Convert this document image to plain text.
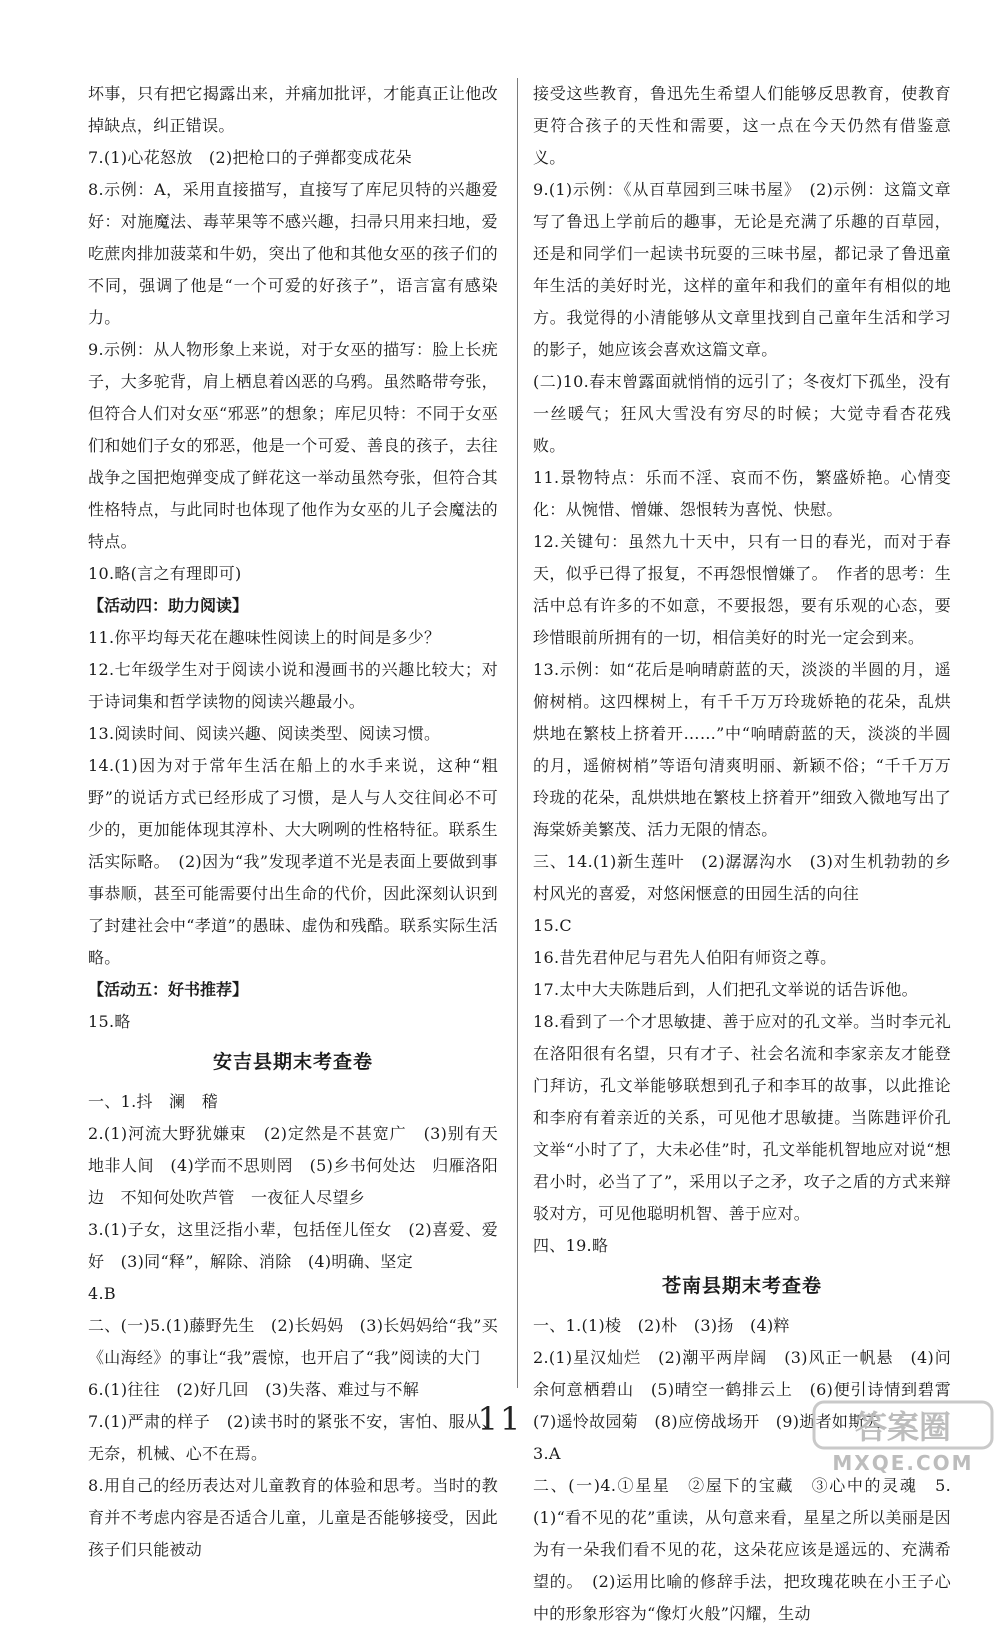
坏事，只有把它揭露出来，并痛加批评，才能真正让他改掉缺点，纠正错误。

7.(1)心花怒放　(2)把枪口的子弹都变成花朵

8.示例：A，采用直接描写，直接写了库尼贝特的兴趣爱好：对施魔法、毒苹果等不感兴趣，扫帚只用来扫地，爱吃蔗肉排加菠菜和牛奶，突出了他和其他女巫的孩子们的不同，强调了他是“一个可爱的好孩子”，语言富有感染力。

9.示例：从人物形象上来说，对于女巫的描写：脸上长疣子，大多驼背，肩上栖息着凶恶的乌鸦。虽然略带夸张，但符合人们对女巫“邪恶”的想象；库尼贝特：不同于女巫们和她们子女的邪恶，他是一个可爱、善良的孩子，去往战争之国把炮弹变成了鲜花这一举动虽然夸张，但符合其性格特点，与此同时也体现了他作为女巫的儿子会魔法的特点。

10.略(言之有理即可)

【活动四：助力阅读】

11.你平均每天花在趣味性阅读上的时间是多少？

12.七年级学生对于阅读小说和漫画书的兴趣比较大；对于诗词集和哲学读物的阅读兴趣最小。

13.阅读时间、阅读兴趣、阅读类型、阅读习惯。

14.(1)因为对于常年生活在船上的水手来说，这种“粗野”的说话方式已经形成了习惯，是人与人交往间必不可少的，更加能体现其淳朴、大大咧咧的性格特征。联系生活实际略。　(2)因为“我”发现孝道不光是表面上要做到事事恭顺，甚至可能需要付出生命的代价，因此深刻认识到了封建社会中“孝道”的愚昧、虚伪和残酷。联系实际生活略。

【活动五：好书推荐】

15.略

安吉县期末考查卷

一、1.抖　澜　稽

2.(1)河流大野犹嫌束　(2)定然是不甚宽广　(3)别有天地非人间　(4)学而不思则罔　(5)乡书何处达　归雁洛阳边　不知何处吹芦管　一夜征人尽望乡

3.(1)子女，这里泛指小辈，包括侄儿侄女　(2)喜爱、爱好　(3)同“释”，解除、消除　(4)明确、坚定

4.B

二、(一)5.(1)藤野先生　(2)长妈妈　(3)长妈妈给“我”买《山海经》的事让“我”震惊，也开启了“我”阅读的大门

6.(1)往往　(2)好几回　(3)失落、难过与不解

7.(1)严肃的样子　(2)读书时的紧张不安，害怕、服从、无奈，机械、心不在焉。

8.用自己的经历表达对儿童教育的体验和思考。当时的教育并不考虑内容是否适合儿童，儿童是否能够接受，因此孩子们只能被动

接受这些教育，鲁迅先生希望人们能够反思教育，使教育更符合孩子的天性和需要，这一点在今天仍然有借鉴意义。

9.(1)示例：《从百草园到三味书屋》　(2)示例：这篇文章写了鲁迅上学前后的趣事，无论是充满了乐趣的百草园，还是和同学们一起读书玩耍的三味书屋，都记录了鲁迅童年生活的美好时光，这样的童年和我们的童年有相似的地方。我觉得的小清能够从文章里找到自己童年生活和学习的影子，她应该会喜欢这篇文章。

(二)10.春末曾露面就悄悄的远引了；冬夜灯下孤坐，没有一丝暖气；狂风大雪没有穷尽的时候；大觉寺看杏花残败。

11.景物特点：乐而不淫、哀而不伤，繁盛娇艳。心情变化：从惋惜、憎嫌、怨恨转为喜悦、快慰。

12.关键句：虽然九十天中，只有一日的春光，而对于春天，似乎已得了报复，不再怨恨憎嫌了。　作者的思考：生活中总有许多的不如意，不要报怨，要有乐观的心态，要珍惜眼前所拥有的一切，相信美好的时光一定会到来。

13.示例：如“花后是响晴蔚蓝的天，淡淡的半圆的月，遥俯树梢。这四棵树上，有千千万万玲珑娇艳的花朵，乱烘烘地在繁枝上挤着开……”中“响晴蔚蓝的天，淡淡的半圆的月，遥俯树梢”等语句清爽明丽、新颖不俗；“千千万万玲珑的花朵，乱烘烘地在繁枝上挤着开”细致入微地写出了海棠娇美繁茂、活力无限的情态。

三、14.(1)新生莲叶　(2)潺潺沟水　(3)对生机勃勃的乡村风光的喜爱，对悠闲惬意的田园生活的向往

15.C

16.昔先君仲尼与君先人伯阳有师资之尊。

17.太中大夫陈韪后到，人们把孔文举说的话告诉他。

18.看到了一个才思敏捷、善于应对的孔文举。当时李元礼在洛阳很有名望，只有才子、社会名流和李家亲友才能登门拜访，孔文举能够联想到孔子和李耳的故事，以此推论和李府有着亲近的关系，可见他才思敏捷。当陈韪评价孔文举“小时了了，大未必佳”时，孔文举能机智地应对说“想君小时，必当了了”，采用以子之矛，攻子之盾的方式来辩驳对方，可见他聪明机智、善于应对。

四、19.略

苍南县期末考查卷

一、1.(1)棱　(2)朴　(3)扬　(4)粹

2.(1)星汉灿烂　(2)潮平两岸阔　(3)风正一帆悬　(4)问余何意栖碧山　(5)晴空一鹤排云上　(6)便引诗情到碧霄　(7)遥怜故园菊　(8)应傍战场开　(9)逝者如斯夫

3.A

二、(一)4.①星星　②屋下的宝藏　③心中的灵魂　5.(1)“看不见的花”重读，从句意来看，星星之所以美丽是因为有一朵我们看不见的花，这朵花应该是遥远的、充满希望的。　(2)运用比喻的修辞手法，把玫瑰花映在小王子心中的形象形容为“像灯火般”闪耀，生动

11	答案圈
MXQE.COM
